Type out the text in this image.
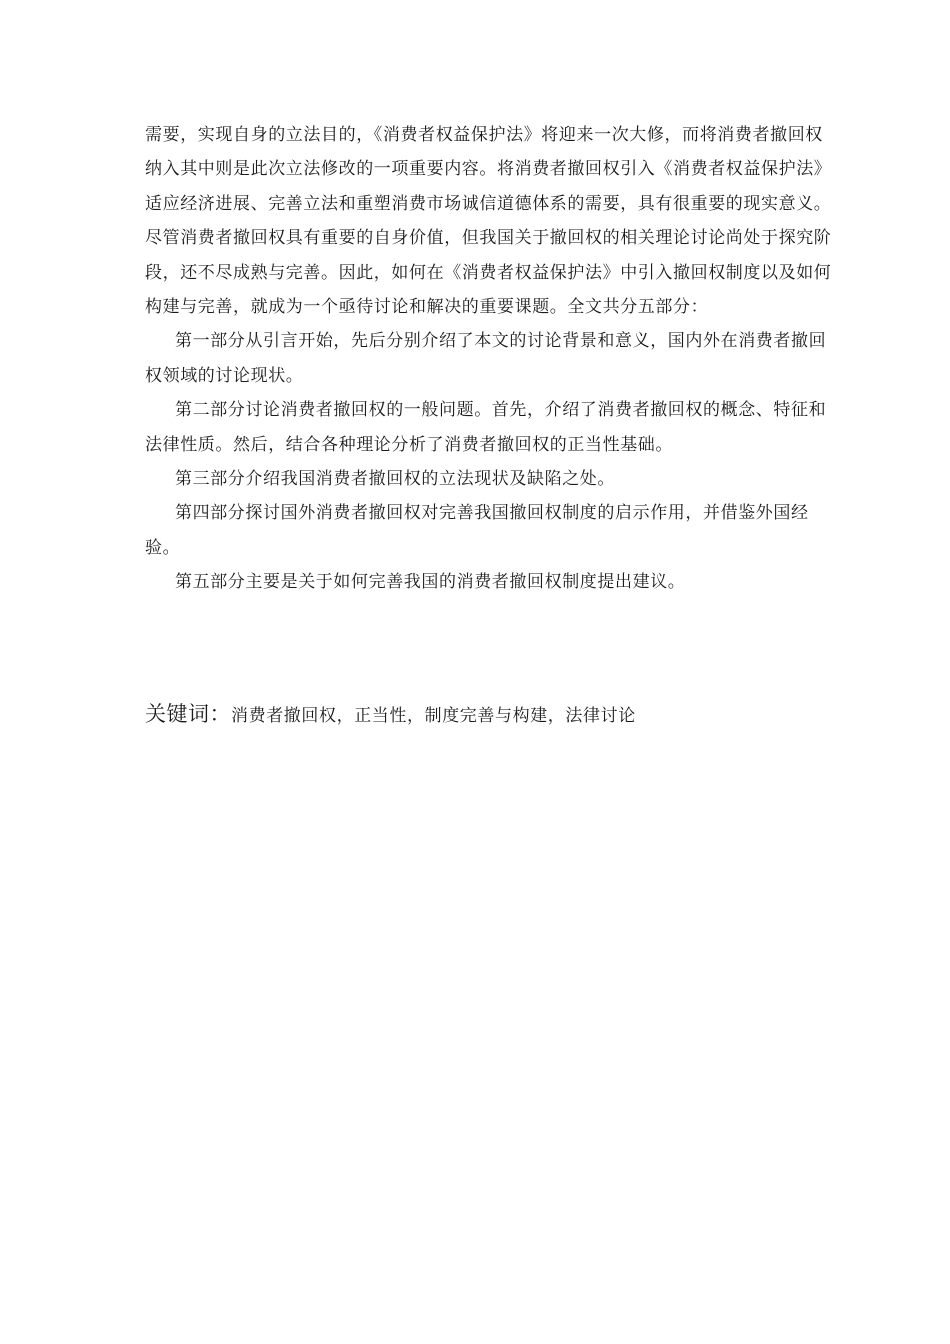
需要，实现自身的立法目的，《消费者权益保护法》将迎来一次大修，而将消费者撤回权纳入其中则是此次立法修改的一项重要内容。将消费者撤回权引入《消费者权益保护法》适应经济进展、完善立法和重塑消费市场诚信道德体系的需要，具有很重要的现实意义。尽管消费者撤回权具有重要的自身价值，但我国关于撤回权的相关理论讨论尚处于探究阶段，还不尽成熟与完善。因此，如何在《消费者权益保护法》中引入撤回权制度以及如何构建与完善，就成为一个亟待讨论和解决的重要课题。全文共分五部分：

第一部分从引言开始，先后分别介绍了本文的讨论背景和意义，国内外在消费者撤回权领域的讨论现状。

第二部分讨论消费者撤回权的一般问题。首先，介绍了消费者撤回权的概念、特征和法律性质。然后，结合各种理论分析了消费者撤回权的正当性基础。

第三部分介绍我国消费者撤回权的立法现状及缺陷之处。

第四部分探讨国外消费者撤回权对完善我国撤回权制度的启示作用，并借鉴外国经验。

第五部分主要是关于如何完善我国的消费者撤回权制度提出建议。

关键词：消费者撤回权，正当性，制度完善与构建，法律讨论
